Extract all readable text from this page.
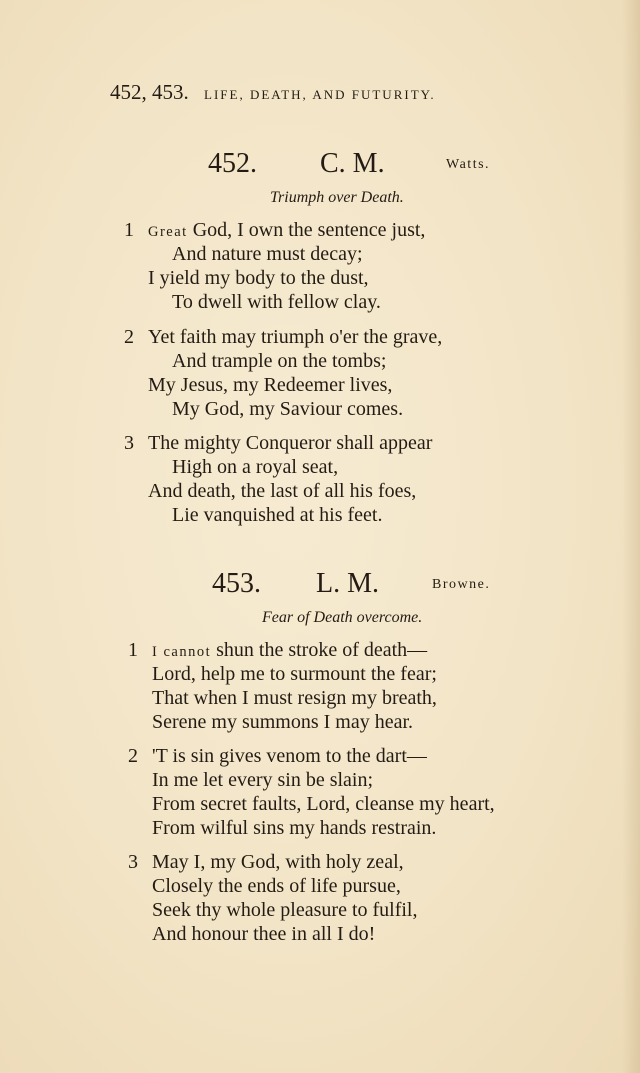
452, 453. LIFE, DEATH, AND FUTURITY.
452. C. M.	Watts.
Triumph over Death.
1 Great God, I own the sentence just,
And nature must decay;
I yield my body to the dust,
To dwell with fellow clay.
2 Yet faith may triumph o'er the grave,
And trample on the tombs;
My Jesus, my Redeemer lives,
My God, my Saviour comes.
3 The mighty Conqueror shall appear
High on a royal seat,
And death, the last of all his foes,
Lie vanquished at his feet.
453. L. M.	Browne.
Fear of Death overcome.
1 I cannot shun the stroke of death—
Lord, help me to surmount the fear;
That when I must resign my breath,
Serene my summons I may hear.
2 'T is sin gives venom to the dart—
In me let every sin be slain;
From secret faults, Lord, cleanse my heart,
From wilful sins my hands restrain.
3 May I, my God, with holy zeal,
Closely the ends of life pursue,
Seek thy whole pleasure to fulfil,
And honour thee in all I do!
